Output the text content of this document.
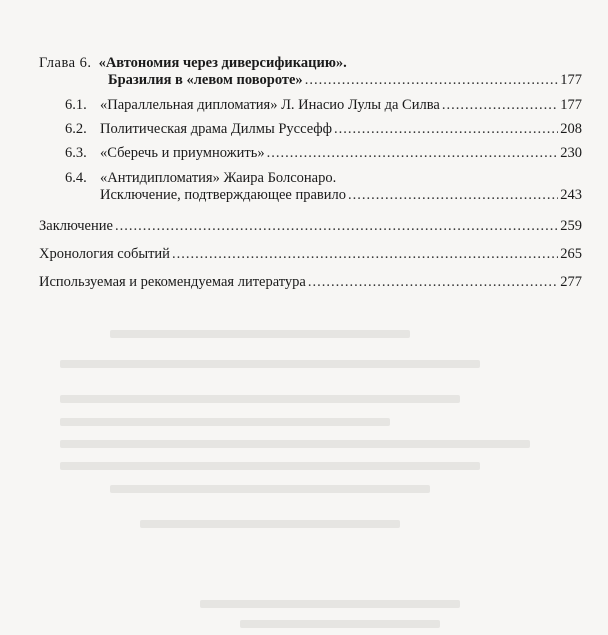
Глава 6. «Автономия через диверсификацию».
Бразилия в «левом повороте» .....	177
6.1. «Параллельная дипломатия» Л. Инасио Лулы да Силва .....	177
6.2. Политическая драма Дилмы Руссефф .....	208
6.3. «Сберечь и приумножить» .....	230
6.4. «Антидипломатия» Жаира Болсонаро.
Исключение, подтверждающее правило .....	243
Заключение .....	259
Хронология событий .....	265
Используемая и рекомендуемая литература .....	277
